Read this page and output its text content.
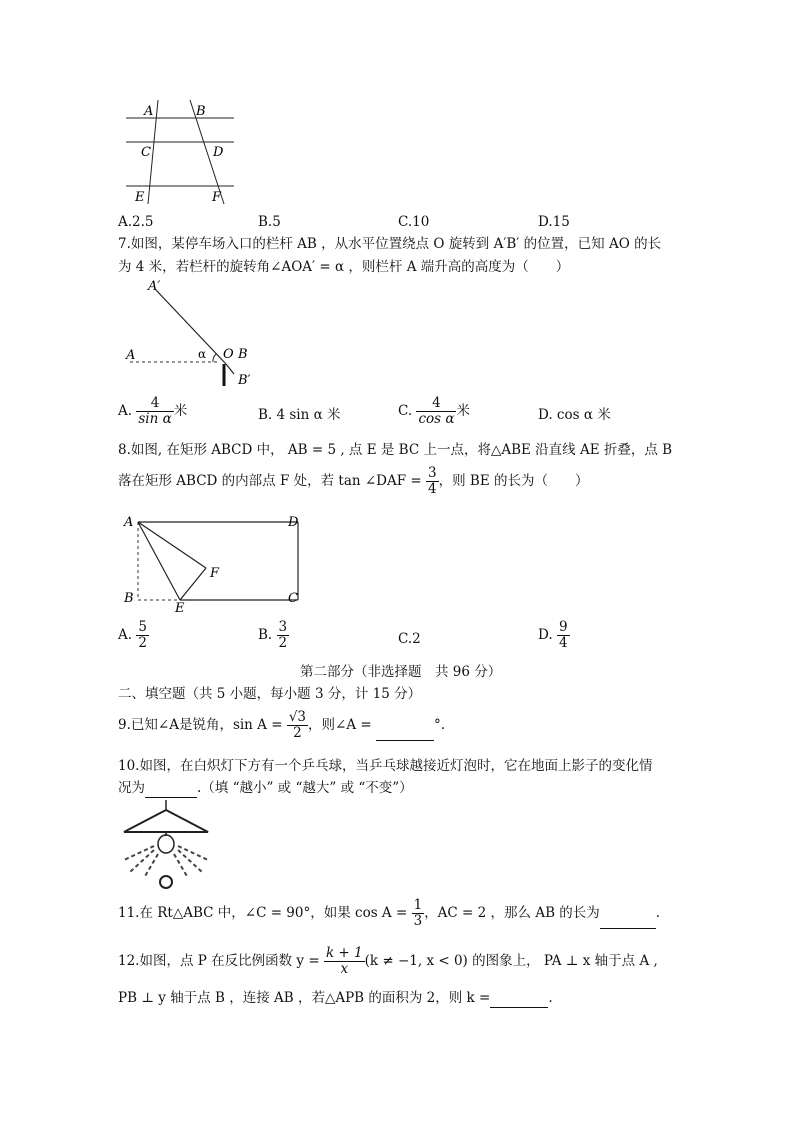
A	B
C	D
E	F
A.2.5	B.5	C.10	D.15
7.如图，某停车场入口的栏杆 AB ，从水平位置绕点 O 旋转到 A′B′ 的位置，已知 AO 的长
为 4 米，若栏杆的旋转角∠AOA′ = α ，则栏杆 A 端升高的高度为（　　）
A′
A	α O B
B′
A. $\frac{4}{\text{sin α}}$ 米	B. 4 sin α 米	C. $\frac{4}{\text{cos α}}$ 米	D. cos α 米
8.如图, 在矩形 ABCD 中， AB = 5 , 点 E 是 BC 上一点，将△ABE 沿直线 AE 折叠，点 B
落在矩形 ABCD 的内部点 F 处，若 tan ∠DAF = $\frac{3}{4}$ ，则 BE 的长为（　　）
A	D
F
B
E
C
A. $\frac{5}{2}$	B. $\frac{3}{2}$	C.2	D. $\frac{9}{4}$
第二部分（非选择题　共 96 分）
二、填空题（共 5 小题，每小题 3 分，计 15 分）
9.已知∠A是锐角，$\sin A = \frac{√3}{2}$ ，则∠A =	°.
10.如图，在白炽灯下方有一个乒乓球，当乒乓球越接近灯泡时，它在地面上影子的变化情
况为	.（填 “越小” 或 “越大” 或 “不变”）
11.在 Rt△ABC 中，∠C = 90°，如果 $\cos A = \frac{1}{3}$ ，AC = 2 ，那么 AB 的长为	.
12.如图，点 P 在反比例函数 $y = \frac{k + 1}{x} (k \ne -1$, x < 0) 的图象上， PA ⊥ x 轴于点 A ,
PB ⊥ y 轴于点 B ，连接 AB ，若△APB 的面积为 2，则 k =	.
